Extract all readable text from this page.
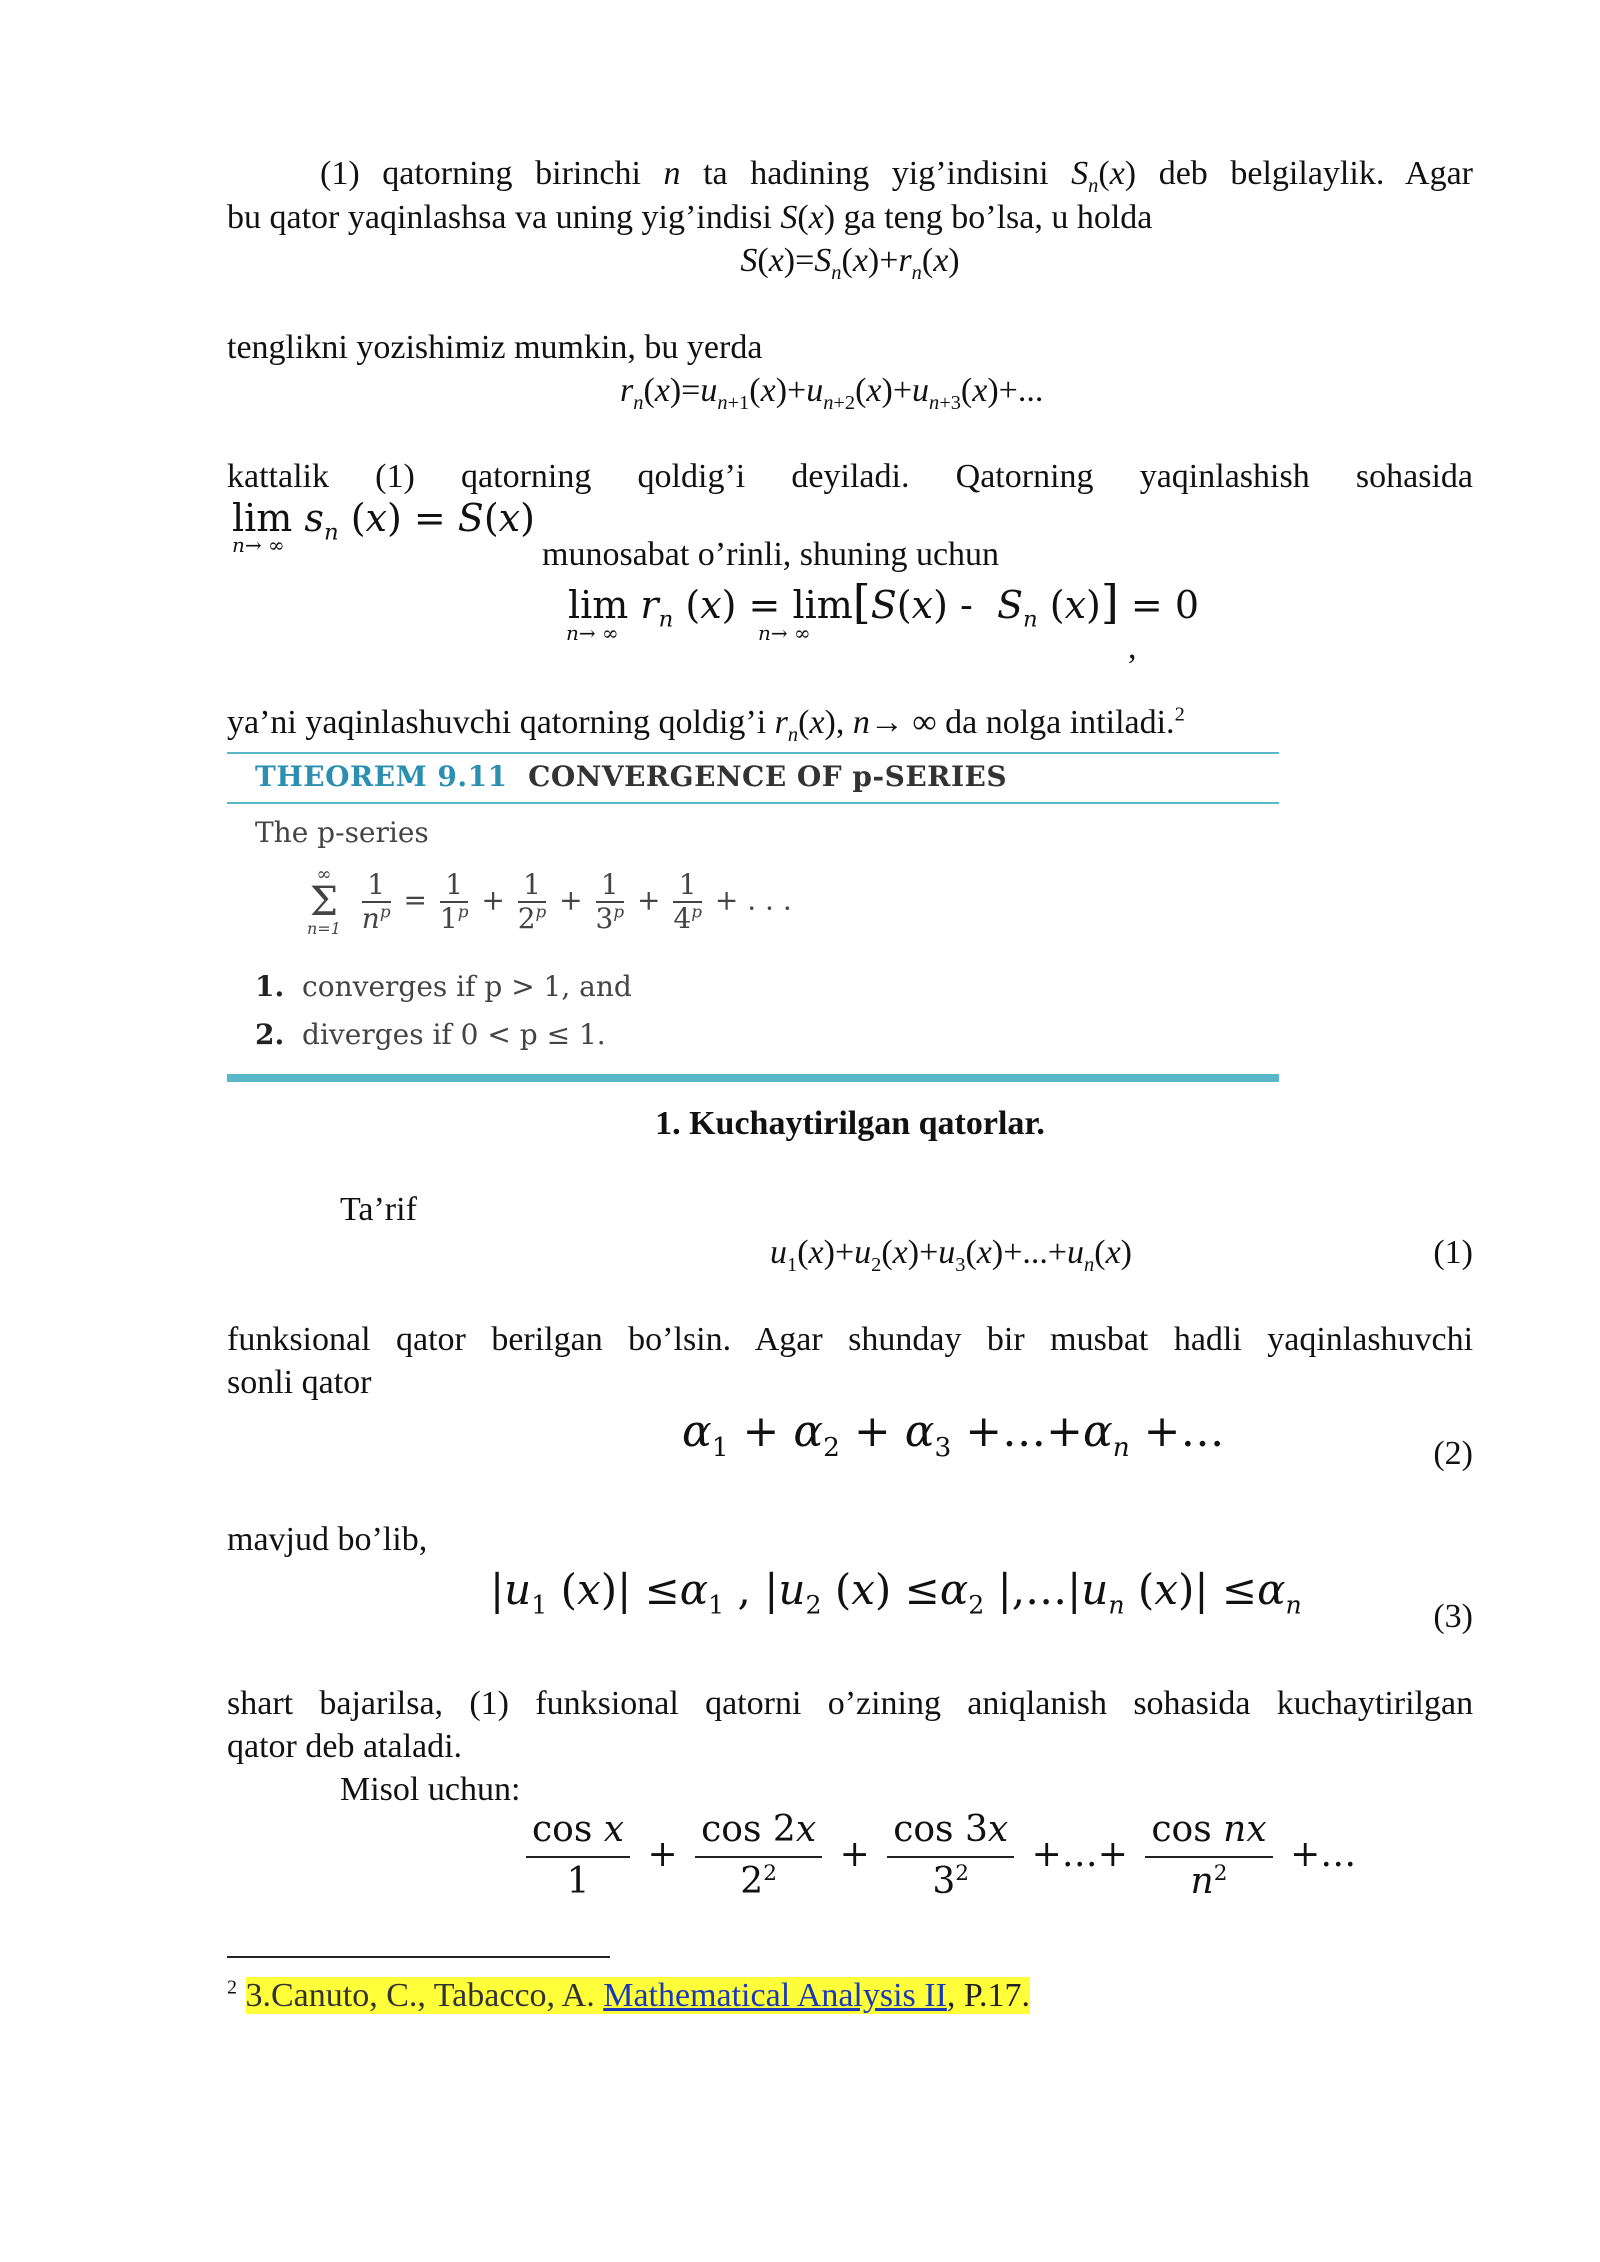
(1) qatorning birinchi n ta hadining yig’indisini $S_n(x)$ deb belgilaylik. Agar
bu qator yaqinlashsa va uning yig’indisi S(x) ga teng bo’lsa, u holda
$S(x)=S_n(x)+r_n(x)$
tenglikni yozishimiz mumkin, bu yerda
$r_n(x)=u_{n+1}(x)+u_{n+2}(x)+u_{n+3}(x)+$...
kattalik (1) qatorning qoldig’i deyiladi. Qatorning yaqinlashish sohasida
$\lim s_n$ (x) = S(x)
n→ ∞	munosabat o’rinli, shuning uchun
$\lim r_n$ $(x) = \lim[S(x) - S_n$ (x)] = 0
n→ ∞	n→ ∞	,
ya’ni yaqinlashuvchi qatorning qoldig’i $r_n(x)$, n→ ∞ da nolga intiladi.$^2$
THEOREM 9.11 CONVERGENCE OF p-SERIES
The p-series
∞
Σ
n=1
$\frac{1}{n^p} = \frac{1}{1^p} + \frac{1}{2^p} + \frac{1}{3^p} + \frac{1}{4^p}$ + . . .
1. converges if p > 1, and
2. diverges if 0 < p ≤ 1.
1. Kuchaytirilgan qatorlar.
Ta’rif
$u_1(x)+u_2(x)+u_3(x)+...+u_n(x)$	(1)
funksional qator berilgan bo’lsin. Agar shunday bir musbat hadli yaqinlashuvchi
sonli qator
$\alpha_1 + \alpha_2 + \alpha_3$ $+\dots+\alpha_n$ +…	(2)
mavjud bo’lib,
$|u_1$ $(x)| \le\alpha_1$ , $|u_2$ $(x) \le\alpha_2$ $|,\dots|u_n$ $(x)| \le\alpha_n$	(3)
shart bajarilsa, (1) funksional qatorni o’zining aniqlanish sohasida kuchaytirilgan
qator deb ataladi.
Misol uchun:
$\frac{\text{cos x}}{1} + \frac{\cos 2x}{2^2} + \frac{\cos 3x}{3^2}$ +…+ $\frac{\text{cos nx}}{n^2}$ +…
$^2$ 3.Canuto, C., Tabacco, A. Mathematical Analysis II, P.17.
